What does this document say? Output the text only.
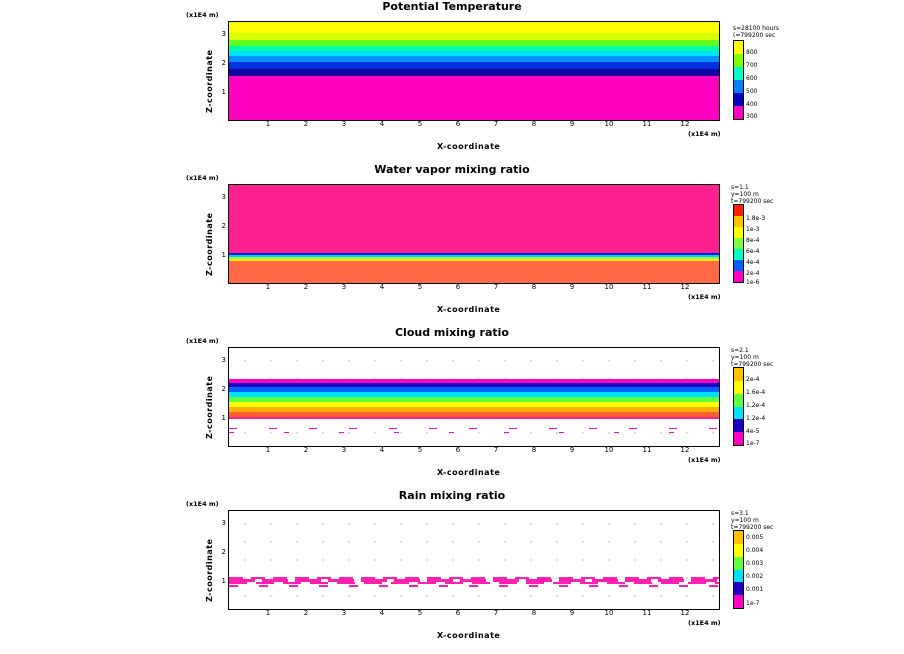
Potential Temperature
(x1E4 m)
Z-coordinate	1
2
3
1	2	3	4	5	6	7	8	9	10	11	12
(x1E4 m)
X-coordinate
s=28100 hours
(=799200 sec
800
700
600
500
400
300
Water vapor mixing ratio
(x1E4 m)
Z-coordinate	1
2
3
1	2	3	4	5	6	7	8	9	10	11	12
(x1E4 m)
X-coordinate
s=1.1
y=100 m
t=799200 sec
1.8e-3
1e-3
8e-4
6e-4
4e-4
2e-4
1e-6
Cloud mixing ratio
(x1E4 m)
Z-coordinate	1
2
3
1	2	3	4	5	6	7	8	9	10	11	12
(x1E4 m)
X-coordinate
s=2.1
y=100 m
t=799200 sec
2e-4
1.6e-4
1.2e-4
1.2e-4
4e-5
1e-7
Rain mixing ratio
(x1E4 m)
Z-coordinate	1
2
3
1	2	3	4	5	6	7	8	9	10	11	12
(x1E4 m)
X-coordinate
s=3.1
y=100 m
t=799200 sec
0.005
0.004
0.003
0.002
0.001
1e-7
